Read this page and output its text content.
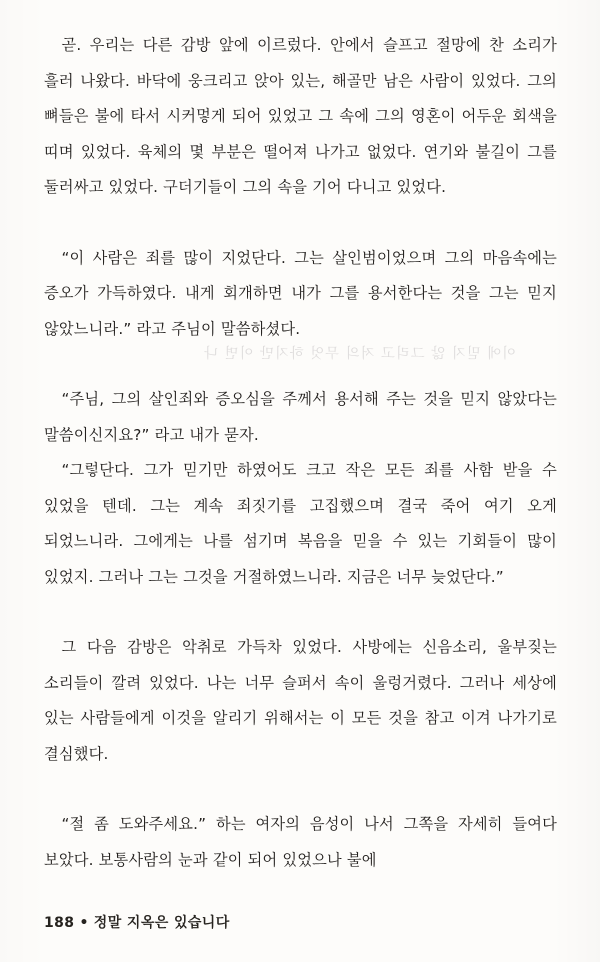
이에 믿지 않 그리고 저의 무엇 하지만 이면 나

곧. 우리는 다른 감방 앞에 이르렀다. 안에서 슬프고 절망에 찬 소리가 흘러 나왔다. 바닥에 웅크리고 앉아 있는, 해골만 남은 사람이 있었다. 그의 뼈들은 불에 타서 시커멓게 되어 있었고 그 속에 그의 영혼이 어두운 회색을 띠며 있었다. 육체의 몇 부분은 떨어져 나가고 없었다. 연기와 불길이 그를 둘러싸고 있었다. 구더기들이 그의 속을 기어 다니고 있었다.

“이 사람은 죄를 많이 지었단다. 그는 살인범이었으며 그의 마음속에는 증오가 가득하였다. 내게 회개하면 내가 그를 용서한다는 것을 그는 믿지 않았느니라.” 라고 주님이 말씀하셨다.

“주님, 그의 살인죄와 증오심을 주께서 용서해 주는 것을 믿지 않았다는 말씀이신지요?” 라고 내가 묻자.

“그렇단다. 그가 믿기만 하였어도 크고 작은 모든 죄를 사함 받을 수 있었을 텐데. 그는 계속 죄짓기를 고집했으며 결국 죽어 여기 오게 되었느니라. 그에게는 나를 섬기며 복음을 믿을 수 있는 기회들이 많이 있었지. 그러나 그는 그것을 거절하였느니라. 지금은 너무 늦었단다.”

그 다음 감방은 악취로 가득차 있었다. 사방에는 신음소리, 울부짖는 소리들이 깔려 있었다. 나는 너무 슬퍼서 속이 울렁거렸다. 그러나 세상에 있는 사람들에게 이것을 알리기 위해서는 이 모든 것을 참고 이겨 나가기로 결심했다.

“절 좀 도와주세요.” 하는 여자의 음성이 나서 그쪽을 자세히 들여다 보았다. 보통사람의 눈과 같이 되어 있었으나 불에

188 • 정말 지옥은 있습니다
